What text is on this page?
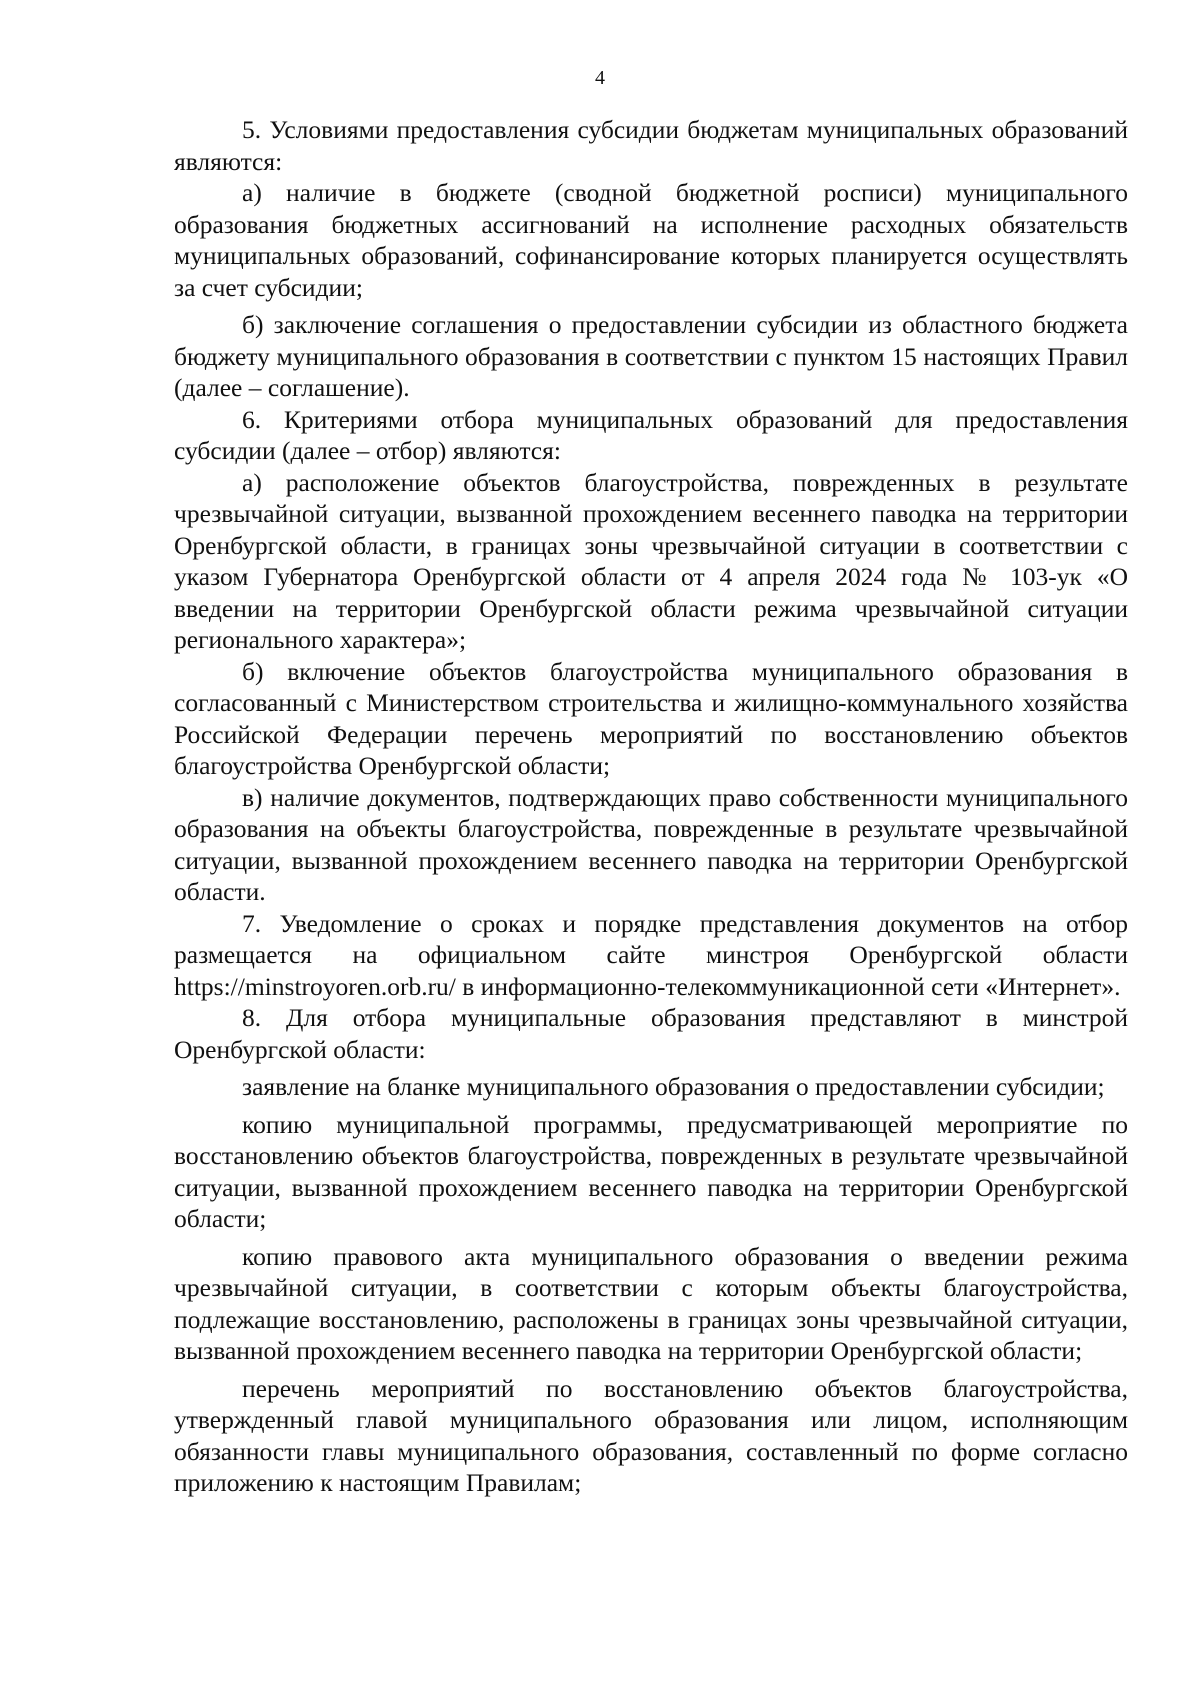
4

5. Условиями предоставления субсидии бюджетам муниципальных образований являются:

а) наличие в бюджете (сводной бюджетной росписи) муниципального образования бюджетных ассигнований на исполнение расходных обязательств муниципальных образований, софинансирование которых планируется осуществлять за счет субсидии;

б) заключение соглашения о предоставлении субсидии из областного бюджета бюджету муниципального образования в соответствии с пунктом 15 настоящих Правил (далее – соглашение).

6. Критериями отбора муниципальных образований для предоставления субсидии (далее – отбор) являются:

а) расположение объектов благоустройства, поврежденных в результате чрезвычайной ситуации, вызванной прохождением весеннего паводка на территории Оренбургской области, в границах зоны чрезвычайной ситуации в соответствии с указом Губернатора Оренбургской области от 4 апреля 2024 года № 103-ук «О введении на территории Оренбургской области режима чрезвычайной ситуации регионального характера»;

б) включение объектов благоустройства муниципального образования в согласованный с Министерством строительства и жилищно-коммунального хозяйства Российской Федерации перечень мероприятий по восстановлению объектов благоустройства Оренбургской области;

в) наличие документов, подтверждающих право собственности муниципального образования на объекты благоустройства, поврежденные в результате чрезвычайной ситуации, вызванной прохождением весеннего паводка на территории Оренбургской области.

7. Уведомление о сроках и порядке представления документов на отбор размещается на официальном сайте минстроя Оренбургской области https://minstroyoren.orb.ru/ в информационно-телекоммуникационной сети «Интернет».

8. Для отбора муниципальные образования представляют в минстрой Оренбургской области:

заявление на бланке муниципального образования о предоставлении субсидии;

копию муниципальной программы, предусматривающей мероприятие по восстановлению объектов благоустройства, поврежденных в результате чрезвычайной ситуации, вызванной прохождением весеннего паводка на территории Оренбургской области;

копию правового акта муниципального образования о введении режима чрезвычайной ситуации, в соответствии с которым объекты благоустройства, подлежащие восстановлению, расположены в границах зоны чрезвычайной ситуации, вызванной прохождением весеннего паводка на территории Оренбургской области;

перечень мероприятий по восстановлению объектов благоустройства, утвержденный главой муниципального образования или лицом, исполняющим обязанности главы муниципального образования, составленный по форме согласно приложению к настоящим Правилам;
